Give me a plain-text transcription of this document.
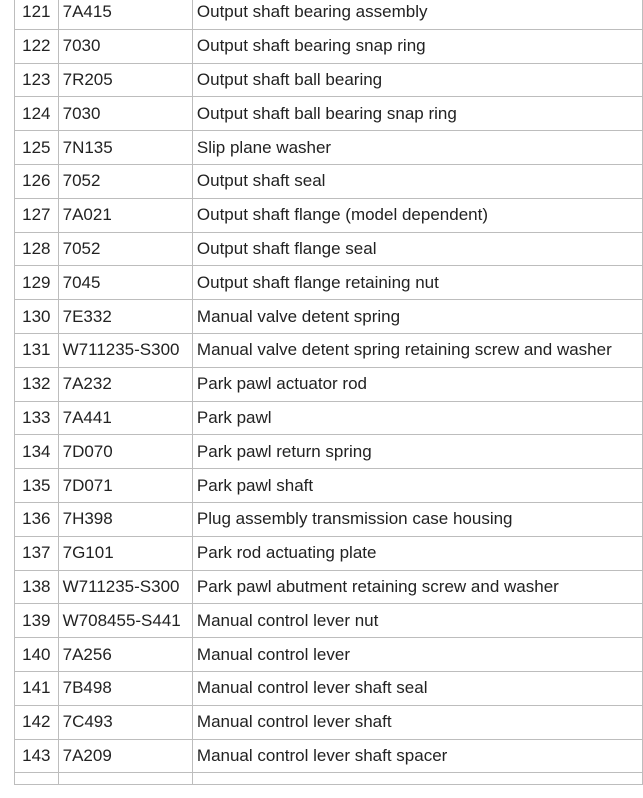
121	7A415	Output shaft bearing assembly
122	7030	Output shaft bearing snap ring
123	7R205	Output shaft ball bearing
124	7030	Output shaft ball bearing snap ring
125	7N135	Slip plane washer
126	7052	Output shaft seal
127	7A021	Output shaft flange (model dependent)
128	7052	Output shaft flange seal
129	7045	Output shaft flange retaining nut
130	7E332	Manual valve detent spring
131	W711235-S300	Manual valve detent spring retaining screw and washer
132	7A232	Park pawl actuator rod
133	7A441	Park pawl
134	7D070	Park pawl return spring
135	7D071	Park pawl shaft
136	7H398	Plug assembly transmission case housing
137	7G101	Park rod actuating plate
138	W711235-S300	Park pawl abutment retaining screw and washer
139	W708455-S441	Manual control lever nut
140	7A256	Manual control lever
141	7B498	Manual control lever shaft seal
142	7C493	Manual control lever shaft
143	7A209	Manual control lever shaft spacer
